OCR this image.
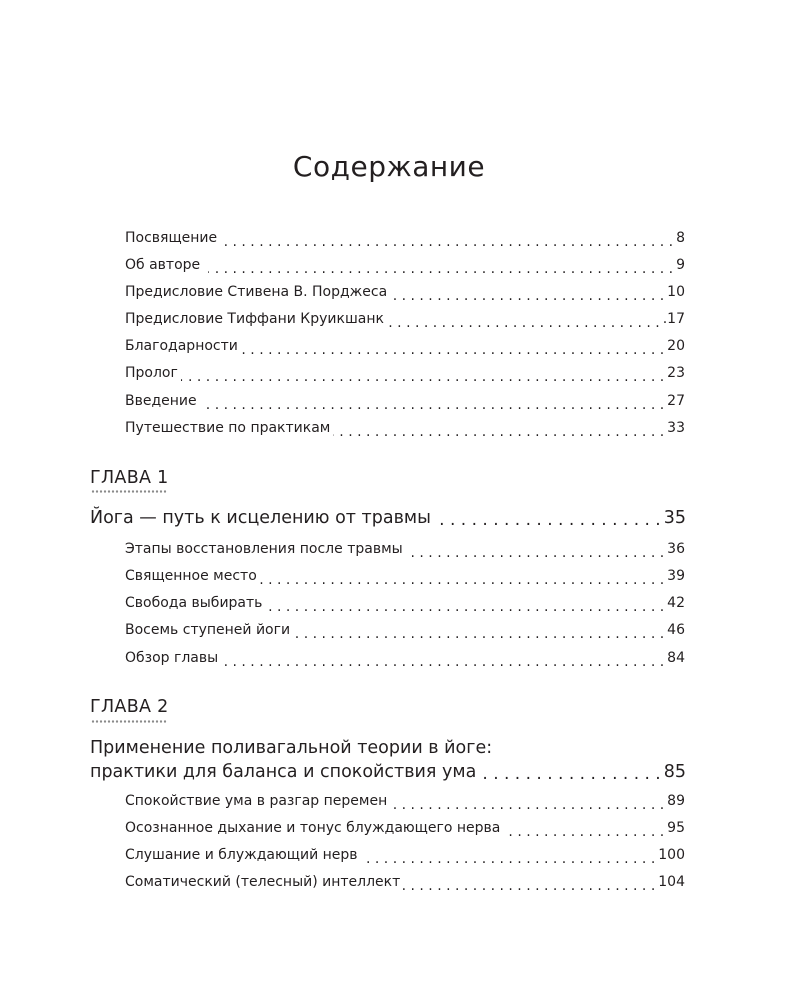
Содержание
Посвящение . . .	8
Об авторе . . .	9
Предисловие Стивена В. Порджеса . . .	10
Предисловие Тиффани Круикшанк . . .	.17
Благодарности . . .	20
Пролог . . .	23
Введение . . .	27
Путешествие по практикам . . .	33
ГЛАВА 1
Йога — путь к исцелению от травмы . . .	35
Этапы восстановления после травмы . . .	36
Священное место . . .	39
Свобода выбирать . . .	42
Восемь ступеней йоги . . .	46
Обзор главы . . .	84
ГЛАВА 2
Применение поливагальной теории в йоге:
практики для баланса и спокойствия ума . . .	85
Спокойствие ума в разгар перемен . . .	89
Осознанное дыхание и тонус блуждающего нерва . . .	95
Слушание и блуждающий нерв . . .	100
Соматический (телесный) интеллект . . .	104
